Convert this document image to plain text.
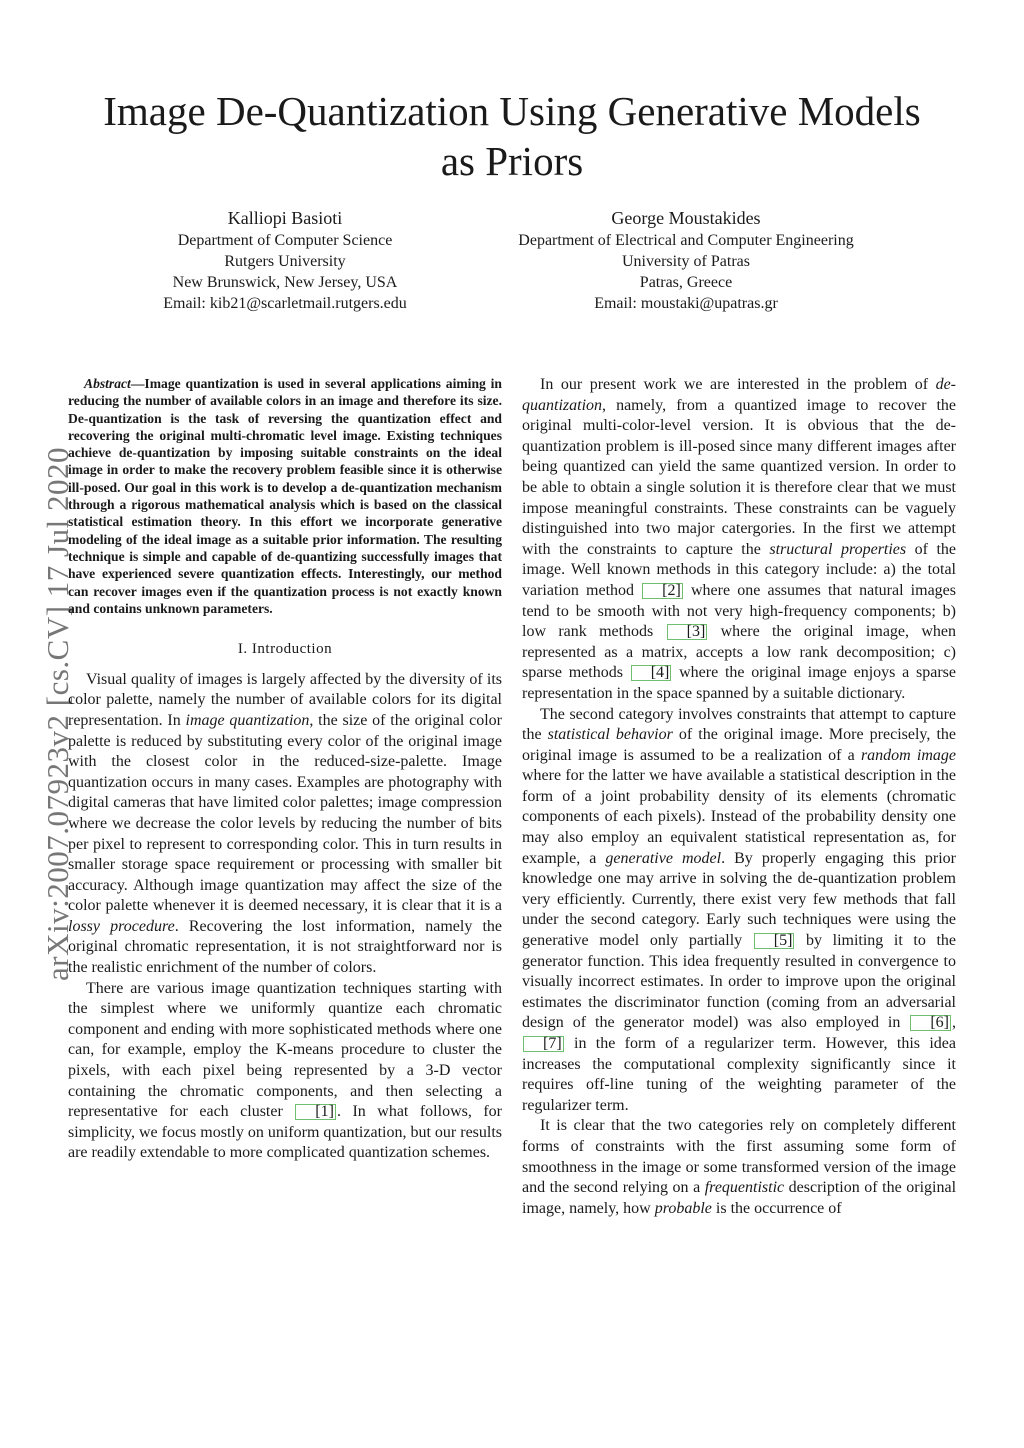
arXiv:2007.07923v2 [cs.CV] 17 Jul 2020
Image De-Quantization Using Generative Models
as Priors
Kalliopi Basioti
Department of Computer Science
Rutgers University
New Brunswick, New Jersey, USA
Email: kib21@scarletmail.rutgers.edu
George Moustakides
Department of Electrical and Computer Engineering
University of Patras
Patras, Greece
Email: moustaki@upatras.gr

Abstract—Image quantization is used in several applications aiming in reducing the number of available colors in an image and therefore its size. De-quantization is the task of reversing the quantization effect and recovering the original multi-chromatic level image. Existing techniques achieve de-quantization by imposing suitable constraints on the ideal image in order to make the recovery problem feasible since it is otherwise ill-posed. Our goal in this work is to develop a de-quantization mechanism through a rigorous mathematical analysis which is based on the classical statistical estimation theory. In this effort we incorporate generative modeling of the ideal image as a suitable prior information. The resulting technique is simple and capable of de-quantizing successfully images that have experienced severe quantization effects. Interestingly, our method can recover images even if the quantization process is not exactly known and contains unknown parameters.

I. Introduction

Visual quality of images is largely affected by the diversity of its color palette, namely the number of available colors for its digital representation. In image quantization, the size of the original color palette is reduced by substituting every color of the original image with the closest color in the reduced-size-palette. Image quantization occurs in many cases. Examples are photography with digital cameras that have limited color palettes; image compression where we decrease the color levels by reducing the number of bits per pixel to represent to corresponding color. This in turn results in smaller storage space requirement or processing with smaller bit accuracy. Although image quantization may affect the size of the color palette whenever it is deemed necessary, it is clear that it is a lossy procedure. Recovering the lost information, namely the original chromatic representation, it is not straightforward nor is the realistic enrichment of the number of colors.

There are various image quantization techniques starting with the simplest where we uniformly quantize each chromatic component and ending with more sophisticated methods where one can, for example, employ the K-means procedure to cluster the pixels, with each pixel being represented by a 3-D vector containing the chromatic components, and then selecting a representative for each cluster [1] . In what follows, for simplicity, we focus mostly on uniform quantization, but our results are readily extendable to more complicated quantization schemes.

In our present work we are interested in the problem of de-quantization, namely, from a quantized image to recover the original multi-color-level version. It is obvious that the de-quantization problem is ill-posed since many different images after being quantized can yield the same quantized version. In order to be able to obtain a single solution it is therefore clear that we must impose meaningful constraints. These constraints can be vaguely distinguished into two major catergories. In the first we attempt with the constraints to capture the structural properties of the image. Well known methods in this category include: a) the total variation method [2] where one assumes that natural images tend to be smooth with not very high-frequency components; b) low rank methods [3] where the original image, when represented as a matrix, accepts a low rank decomposition; c) sparse methods [4] where the original image enjoys a sparse representation in the space spanned by a suitable dictionary.

The second category involves constraints that attempt to capture the statistical behavior of the original image. More precisely, the original image is assumed to be a realization of a random image where for the latter we have available a statistical description in the form of a joint probability density of its elements (chromatic components of each pixels). Instead of the probability density one may also employ an equivalent statistical representation as, for example, a generative model. By properly engaging this prior knowledge one may arrive in solving the de-quantization problem very efficiently. Currently, there exist very few methods that fall under the second category. Early such techniques were using the generative model only partially [5] by limiting it to the generator function. This idea frequently resulted in convergence to visually incorrect estimates. In order to improve upon the original estimates the discriminator function (coming from an adversarial design of the generator model) was also employed in [6] , [7] in the form of a regularizer term. However, this idea increases the computational complexity significantly since it requires off-line tuning of the weighting parameter of the regularizer term.

It is clear that the two categories rely on completely different forms of constraints with the first assuming some form of smoothness in the image or some transformed version of the image and the second relying on a frequentistic description of the original image, namely, how probable is the occurrence of
